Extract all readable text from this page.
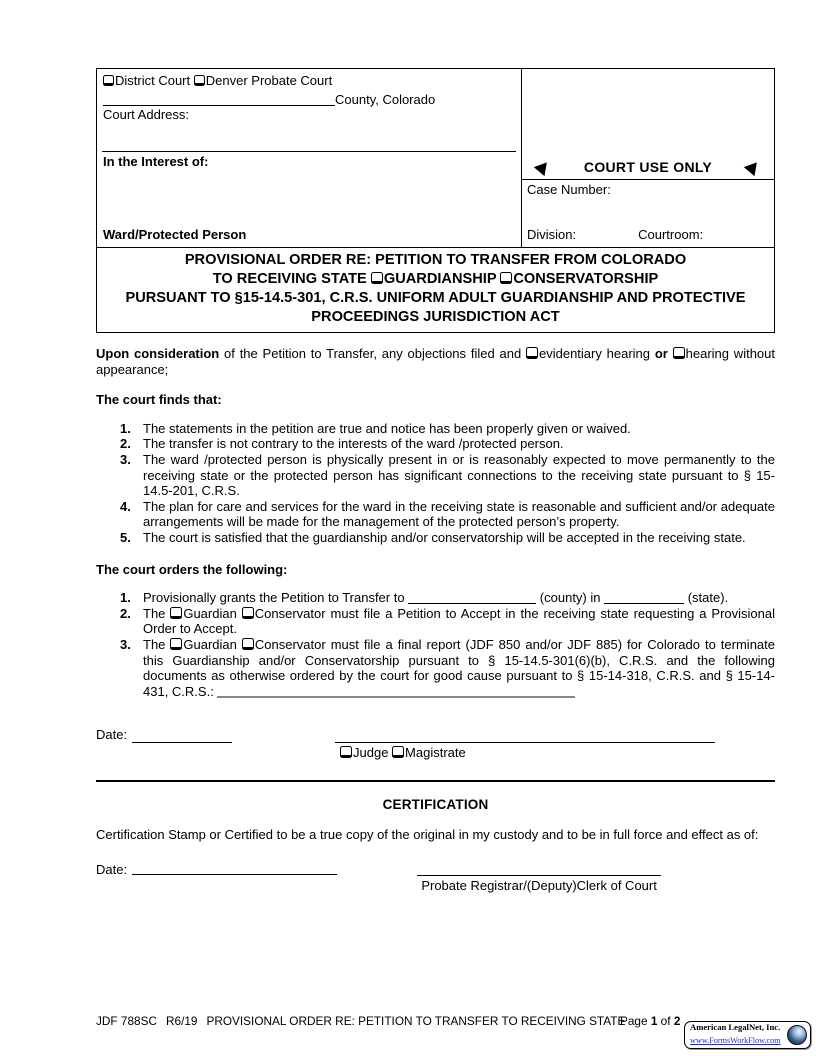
District Court Denver Probate Court
County, Colorado
Court Address:
In the Interest of:
Ward/Protected Person
COURT USE ONLY
Case Number:
Division:	Courtroom:
PROVISIONAL ORDER RE: PETITION TO TRANSFER FROM COLORADO
TO RECEIVING STATE GUARDIANSHIP CONSERVATORSHIP
PURSUANT TO §15-14.5-301, C.R.S. UNIFORM ADULT GUARDIANSHIP AND PROTECTIVE
PROCEEDINGS JURISDICTION ACT
Upon consideration of the Petition to Transfer, any objections filed and evidentiary hearing or hearing without appearance;
The court finds that:
1. The statements in the petition are true and notice has been properly given or waived.
2. The transfer is not contrary to the interests of the ward /protected person.
3. The ward /protected person is physically present in or is reasonably expected to move permanently to the receiving state or the protected person has significant connections to the receiving state pursuant to § 15-14.5-201, C.R.S.
4. The plan for care and services for the ward in the receiving state is reasonable and sufficient and/or adequate arrangements will be made for the management of the protected person’s property.
5. The court is satisfied that the guardianship and/or conservatorship will be accepted in the receiving state.
The court orders the following:
1. Provisionally grants the Petition to Transfer to	(county) in	(state).
2. The Guardian Conservator must file a Petition to Accept in the receiving state requesting a Provisional Order to Accept.
3. The Guardian Conservator must file a final report (JDF 850 and/or JDF 885) for Colorado to terminate this Guardianship and/or Conservatorship pursuant to § 15-14.5-301(6)(b), C.R.S. and the following documents as otherwise ordered by the court for good cause pursuant to § 15-14-318, C.R.S. and § 15-14-431, C.R.S.:
Date:
Judge Magistrate
CERTIFICATION
Certification Stamp or Certified to be a true copy of the original in my custody and to be in full force and effect as of:
Date:
Probate Registrar/(Deputy)Clerk of Court
JDF 788SC R6/19 PROVISIONAL ORDER RE: PETITION TO TRANSFER TO RECEIVING STATE
Page 1 of 2 American LegalNet, Inc.
www.FormsWorkFlow.com
